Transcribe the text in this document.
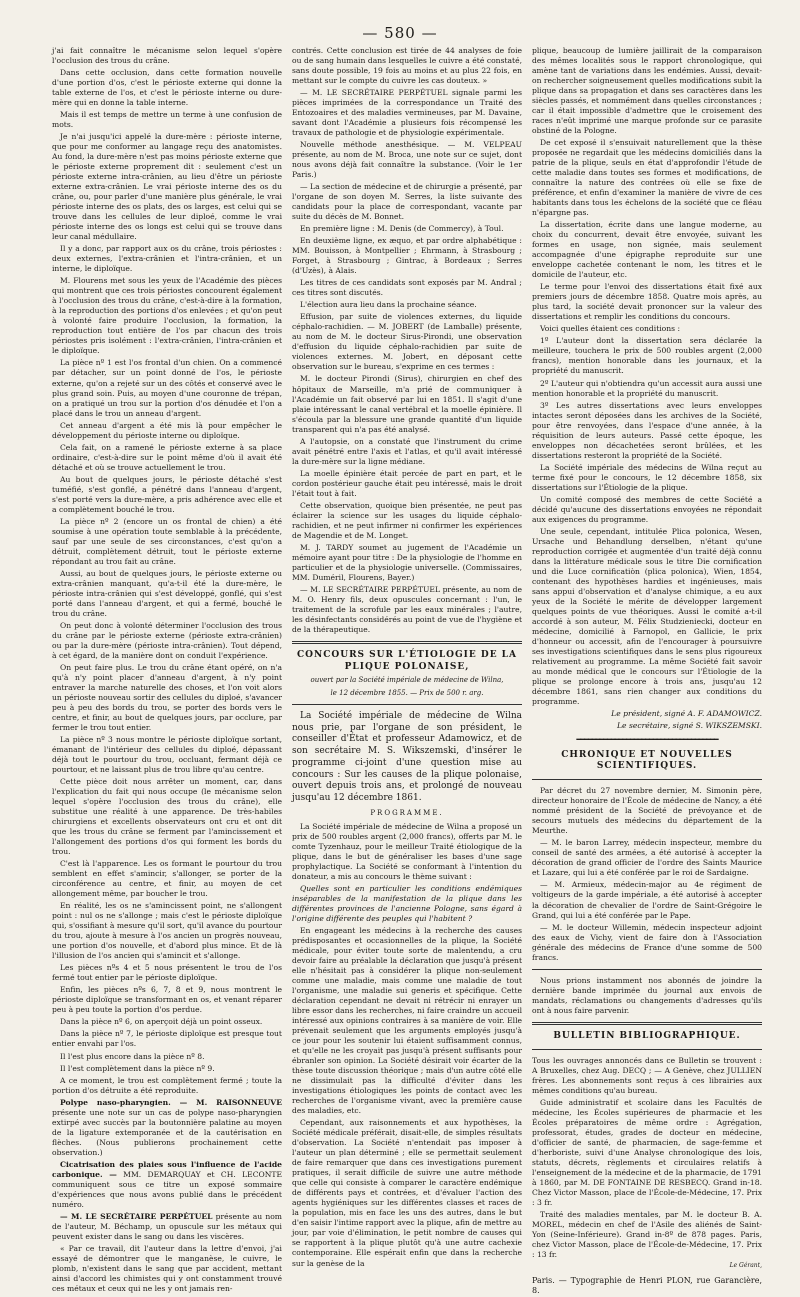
— 580 —

j'ai fait connaître le mécanisme selon lequel s'opère l'occlusion des trous du crâne.

Dans cette occlusion, dans cette formation nouvelle d'une portion d'os, c'est le périoste externe qui donne la table externe de l'os, et c'est le périoste interne ou dure-mère qui en donne la table interne.

Mais il est temps de mettre un terme à une confusion de mots.

Je n'ai jusqu'ici appelé la dure-mère : périoste interne, que pour me conformer au langage reçu des anatomistes. Au fond, la dure-mère n'est pas moins périoste externe que le périoste externe proprement dit : seulement c'est un périoste externe intra-crânien, au lieu d'être un périoste externe extra-crânien. Le vrai périoste interne des os du crâne, ou, pour parler d'une manière plus générale, le vrai périoste interne des os plats, des os larges, est celui qui se trouve dans les cellules de leur diploé, comme le vrai périoste interne des os longs est celui qui se trouve dans leur canal médullaire.

Il y a donc, par rapport aux os du crâne, trois périostes : deux externes, l'extra-crânien et l'intra-crânien, et un interne, le diploïque.

M. Flourens met sous les yeux de l'Académie des pièces qui montrent que ces trois périostes concourent également à l'occlusion des trous du crâne, c'est-à-dire à la formation, à la reproduction des portions d'os enlevées ; et qu'on peut à volonté faire produire l'occlusion, la formation, la reproduction tout entière de l'os par chacun des trois périostes pris isolément : l'extra-crânien, l'intra-crânien et le diploïque.

La pièce nº 1 est l'os frontal d'un chien. On a commencé par détacher, sur un point donné de l'os, le périoste externe, qu'on a rejeté sur un des côtés et conservé avec le plus grand soin. Puis, au moyen d'une couronne de trépan, on a pratiqué un trou sur la portion d'os dénudée et l'on a placé dans le trou un anneau d'argent.

Cet anneau d'argent a été mis là pour empêcher le développement du périoste interne ou diploïque.

Cela fait, on a ramené le périoste externe à sa place ordinaire, c'est-à-dire sur le point même d'où il avait été détaché et où se trouve actuellement le trou.

Au bout de quelques jours, le périoste détaché s'est tuméfié, s'est gonflé, a pénétré dans l'anneau d'argent, s'est porté vers la dure-mère, a pris adhérence avec elle et a complètement bouché le trou.

La pièce nº 2 (encore un os frontal de chien) a été soumise à une opération toute semblable à la précédente, sauf par une seule de ses circonstances, c'est qu'on a détruit, complètement détruit, tout le périoste externe répondant au trou fait au crâne.

Aussi, au bout de quelques jours, le périoste externe ou extra-crânien manquant, qu'a-t-il été la dure-mère, le périoste intra-crânien qui s'est développé, gonflé, qui s'est porté dans l'anneau d'argent, et qui a fermé, bouché le trou du crâne.

On peut donc à volonté déterminer l'occlusion des trous du crâne par le périoste externe (périoste extra-crânien) ou par la dure-mère (périoste intra-crânien). Tout dépend, à cet égard, de la manière dont on conduit l'expérience.

On peut faire plus. Le trou du crâne étant opéré, on n'a qu'à n'y point placer d'anneau d'argent, à n'y point entraver la marche naturelle des choses, et l'on voit alors un périoste nouveau sortir des cellules du diploé, s'avancer peu à peu des bords du trou, se porter des bords vers le centre, et finir, au bout de quelques jours, par occlure, par fermer le trou tout entier.

La pièce nº 3 nous montre le périoste diploïque sortant, émanant de l'intérieur des cellules du diploé, dépassant déjà tout le pourtour du trou, occluant, fermant déjà ce pourtour, et ne laissant plus de trou libre qu'au centre.

Cette pièce doit nous arrêter un moment, car, dans l'explication du fait qui nous occupe (le mécanisme selon lequel s'opère l'occlusion des trous du crâne), elle substitue une réalité à une apparence. De très-habiles chirurgiens et excellents observateurs ont cru et ont dit que les trous du crâne se ferment par l'amincissement et l'allongement des portions d'os qui forment les bords du trou.

C'est là l'apparence. Les os formant le pourtour du trou semblent en effet s'amincir, s'allonger, se porter de la circonférence au centre, et finir, au moyen de cet allongement même, par boucher le trou.

En réalité, les os ne s'amincissent point, ne s'allongent point : nul os ne s'allonge ; mais c'est le périoste diploïque qui, s'ossifiant à mesure qu'il sort, qu'il avance du pourtour du trou, ajoute à mesure à l'os ancien un progrès nouveau, une portion d'os nouvelle, et d'abord plus mince. Et de là l'illusion de l'os ancien qui s'amincit et s'allonge.

Les pièces nºs 4 et 5 nous présentent le trou de l'os fermé tout entier par le périoste diploïque.

Enfin, les pièces nºs 6, 7, 8 et 9, nous montrent le périoste diploïque se transformant en os, et venant réparer peu à peu toute la portion d'os perdue.

Dans la pièce nº 6, on aperçoit déjà un point osseux.

Dans la pièce nº 7, le périoste diploïque est presque tout entier envahi par l'os.

Il l'est plus encore dans la pièce nº 8.

Il l'est complètement dans la pièce nº 9.

A ce moment, le trou est complètement fermé ; toute la portion d'os détruite a été reproduite.

Polype naso-pharyngien. — M. RAISONNEUVE présente une note sur un cas de polype naso-pharyngien extirpé avec succès par la boutonnière palatine au moyen de la ligature extemporanée et de la cautérisation en flèches. (Nous publierons prochainement cette observation.)

Cicatrisation des plaies sous l'influence de l'acide carbonique. — MM. DEMARQUAY et CH. LECONTE communiquent sous ce titre un exposé sommaire d'expériences que nous avons publié dans le précédent numéro.

— M. LE SECRÉTAIRE PERPÉTUEL présente au nom de l'auteur, M. Béchamp, un opuscule sur les métaux qui peuvent exister dans le sang ou dans les viscères.

« Par ce travail, dit l'auteur dans la lettre d'envoi, j'ai essayé de démontrer que le manganèse, le cuivre, le plomb, n'existent dans le sang que par accident, mettant ainsi d'accord les chimistes qui y ont constamment trouvé ces métaux et ceux qui ne les y ont jamais ren-

contrés. Cette conclusion est tirée de 44 analyses de foie ou de sang humain dans lesquelles le cuivre a été constaté, sans doute possible, 19 fois au moins et au plus 22 fois, en mettant sur le compte du cuivre les cas douteux. »

— M. LE SECRÉTAIRE PERPÉTUEL signale parmi les pièces imprimées de la correspondance un Traité des Entozoaires et des maladies vermineuses, par M. Davaine, savant dont l'Académie a plusieurs fois récompensé les travaux de pathologie et de physiologie expérimentale.

Nouvelle méthode anesthésique. — M. VELPEAU présente, au nom de M. Broca, une note sur ce sujet, dont nous avons déjà fait connaître la substance. (Voir le 1er Paris.)

— La section de médecine et de chirurgie a présenté, par l'organe de son doyen M. Serres, la liste suivante des candidats pour la place de correspondant, vacante par suite du décès de M. Bonnet.

En première ligne : M. Denis (de Commercy), à Toul.

En deuxième ligne, ex æquo, et par ordre alphabétique : MM. Bouisson, à Montpellier ; Ehrmann, à Strasbourg ; Forget, à Strasbourg ; Gintrac, à Bordeaux ; Serres (d'Uzès), à Alais.

Les titres de ces candidats sont exposés par M. Andral ; ces titres sont discutés.

L'élection aura lieu dans la prochaine séance.

Effusion, par suite de violences externes, du liquide céphalo-rachidien. — M. JOBERT (de Lamballe) présente, au nom de M. le docteur Sirus-Pirondi, une observation d'effusion du liquide céphalo-rachidien par suite de violences externes. M. Jobert, en déposant cette observation sur le bureau, s'exprime en ces termes :

M. le docteur Pirondi (Sirus), chirurgien en chef des hôpitaux de Marseille, m'a prié de communiquer à l'Académie un fait observé par lui en 1851. Il s'agit d'une plaie intéressant le canal vertébral et la moelle épinière. Il s'écoula par la blessure une grande quantité d'un liquide transparent qui n'a pas été analysé.

A l'autopsie, on a constaté que l'instrument du crime avait pénétré entre l'axis et l'atlas, et qu'il avait intéressé la dure-mère sur la ligne médiane.

La moelle épinière était percée de part en part, et le cordon postérieur gauche était peu intéressé, mais le droit l'était tout à fait.

Cette observation, quoique bien présentée, ne peut pas éclairer la science sur les usages du liquide céphalo-rachidien, et ne peut infirmer ni confirmer les expériences de Magendie et de M. Longet.

M. J. TARDY soumet au jugement de l'Académie un mémoire ayant pour titre : De la physiologie de l'homme en particulier et de la physiologie universelle. (Commissaires, MM. Duméril, Flourens, Bayer.)

— M. LE SECRÉTAIRE PERPÉTUEL présente, au nom de M. O. Henry fils, deux opuscules concernant : l'un, le traitement de la scrofule par les eaux minérales ; l'autre, les désinfectants considérés au point de vue de l'hygiène et de la thérapeutique.

CONCOURS SUR L'ÉTIOLOGIE DE LA PLIQUE POLONAISE,
ouvert par la Société impériale de médecine de Wilna,
le 12 décembre 1855. — Prix de 500 r. arg.

La Société impériale de médecine de Wilna nous prie, par l'organe de son président, le conseiller d'État et professeur Adamowicz, et de son secrétaire M. S. Wikszemski, d'insérer le programme ci-joint d'une question mise au concours : Sur les causes de la plique polonaise, ouvert depuis trois ans, et prolongé de nouveau jusqu'au 12 décembre 1861.

PROGRAMME.

La Société impériale de médecine de Wilna a proposé un prix de 500 roubles argent (2,000 francs), offerts par M. le comte Tyzenhauz, pour le meilleur Traité étiologique de la plique, dans le but de généraliser les bases d'une sage prophylactique. La Société se conformant à l'intention du donateur, a mis au concours le thème suivant :

Quelles sont en particulier les conditions endémiques inséparables de la manifestation de la plique dans les différentes provinces de l'ancienne Pologne, sans égard à l'origine différente des peuples qui l'habitent ?

En engageant les médecins à la recherche des causes prédisposantes et occasionnelles de la plique, la Société médicale, pour éviter toute sorte de malentendu, a cru devoir faire au préalable la déclaration que jusqu'à présent elle n'hésitait pas à considérer la plique non-seulement comme une maladie, mais comme une maladie de tout l'organisme, une maladie sui generis et spécifique. Cette déclaration cependant ne devait ni rétrécir ni enrayer un libre essor dans les recherches, ni faire craindre un accueil intéressé aux opinions contraires à sa manière de voir. Elle prévenait seulement que les arguments employés jusqu'à ce jour pour les soutenir lui étaient suffisamment connus, et qu'elle ne les croyait pas jusqu'à présent suffisants pour ébranler son opinion. La Société désirait voir écarter de la thèse toute discussion théorique ; mais d'un autre côté elle ne dissimulait pas la difficulté d'éviter dans les investigations étiologiques les points de contact avec les recherches de l'organisme vivant, avec la première cause des maladies, etc.

Cependant, aux raisonnements et aux hypothèses, la Société médicale préférait, disait-elle, de simples résultats d'observation. La Société n'entendait pas imposer à l'auteur un plan déterminé ; elle se permettait seulement de faire remarquer que dans ces investigations purement pratiques, il serait difficile de suivre une autre méthode que celle qui consiste à comparer le caractère endémique de différents pays et contrées, et d'évaluer l'action des agents hygiéniques sur les différentes classes et races de la population, mis en face les uns des autres, dans le but d'en saisir l'intime rapport avec la plique, afin de mettre au jour, par voie d'élimination, le petit nombre de causes qui se rapportent à la plique plutôt qu'à une autre cachexie contemporaine. Elle espérait enfin que dans la recherche sur la genèse de la

plique, beaucoup de lumière jaillirait de la comparaison des mêmes localités sous le rapport chronologique, qui amène tant de variations dans les endémies. Aussi, devait-on rechercher soigneusement quelles modifications subit la plique dans sa propagation et dans ses caractères dans les siècles passés, et nommément dans quelles circonstances ; car il était impossible d'admettre que le croisement des races n'eût imprimé une marque profonde sur ce parasite obstiné de la Pologne.

De cet exposé il s'ensuivait naturellement que la thèse proposée ne regardait que les médecins domiciliés dans la patrie de la plique, seuls en état d'approfondir l'étude de cette maladie dans toutes ses formes et modifications, de connaître la nature des contrées où elle se fixe de préférence, et enfin d'examiner la manière de vivre de ces habitants dans tous les échelons de la société que ce fléau n'épargne pas.

La dissertation, écrite dans une langue moderne, au choix du concurrent, devait être envoyée, suivant les formes en usage, non signée, mais seulement accompagnée d'une épigraphe reproduite sur une enveloppe cachetée contenant le nom, les titres et le domicile de l'auteur, etc.

Le terme pour l'envoi des dissertations était fixé aux premiers jours de décembre 1858. Quatre mois après, au plus tard, la société devait prononcer sur la valeur des dissertations et remplir les conditions du concours.

Voici quelles étaient ces conditions :

1º L'auteur dont la dissertation sera déclarée la meilleure, touchera le prix de 500 roubles argent (2,000 francs), mention honorable dans les journaux, et la propriété du manuscrit.

2º L'auteur qui n'obtiendra qu'un accessit aura aussi une mention honorable et la propriété du manuscrit.

3º Les autres dissertations avec leurs enveloppes intactes seront déposées dans les archives de la Société, pour être renvoyées, dans l'espace d'une année, à la réquisition de leurs auteurs. Passé cette époque, les enveloppes non décachetées seront brûlées, et les dissertations resteront la propriété de la Société.

La Société impériale des médecins de Wilna reçut au terme fixé pour le concours, le 12 décembre 1858, six dissertations sur l'Étiologie de la plique.

Un comité composé des membres de cette Société a décidé qu'aucune des dissertations envoyées ne répondait aux exigences du programme.

Une seule, cependant, intitulée Plica polonica, Wesen, Ursache und Behandlung derselben, n'étant qu'une reproduction corrigée et augmentée d'un traité déjà connu dans la littérature médicale sous le titre Die cornification und die Luce cornificatiòn (plica polonica), Wien, 1854, contenant des hypothèses hardies et ingénieuses, mais sans appui d'observation et d'analyse chimique, a eu aux yeux de la Société le mérite de développer largement quelques points de vue théoriques. Aussi le comité a-t-il accordé à son auteur, M. Félix Studzieniecki, docteur en médecine, domicilié à Farnopol, en Gallicie, le prix d'honneur ou accessit, afin de l'encourager à poursuivre ses investigations scientifiques dans le sens plus rigoureux relativement au programme. La même Société fait savoir au monde médical que le concours sur l'Étiologie de la plique se prolonge encore à trois ans, jusqu'au 12 décembre 1861, sans rien changer aux conditions du programme.

Le président, signé A. F. ADAMOWICZ.

Le secrétaire, signé S. WIKSZEMSKI.

━━━━━━━━━━━━━━━━━━━━━━━━━━━━━━━━━━━━━
CHRONIQUE ET NOUVELLES SCIENTIFIQUES.

Par décret du 27 novembre dernier, M. Simonin père, directeur honoraire de l'École de médecine de Nancy, a été nommé président de la Société de prévoyance et de secours mutuels des médecins du département de la Meurthe.

— M. le baron Larrey, médecin inspecteur, membre du conseil de santé des armées, a été autorisé à accepter la décoration de grand officier de l'ordre des Saints Maurice et Lazare, qui lui a été conférée par le roi de Sardaigne.

— M. Armieux, médecin-major au 4e régiment de voltigeurs de la garde impériale, a été autorisé à accepter la décoration de chevalier de l'ordre de Saint-Grégoire le Grand, qui lui a été conférée par le Pape.

— M. le docteur Willemin, médecin inspecteur adjoint des eaux de Vichy, vient de faire don à l'Association générale des médecins de France d'une somme de 500 francs.

Nous prions instamment nos abonnés de joindre la dernière bande imprimée du journal aux envois de mandats, réclamations ou changements d'adresses qu'ils ont à nous faire parvenir.

BULLETIN BIBLIOGRAPHIQUE.

Tous les ouvrages annoncés dans ce Bulletin se trouvent : A Bruxelles, chez Aug. DECQ ; — A Genève, chez JULLIEN frères. Les abonnements sont reçus à ces librairies aux mêmes conditions qu'au bureau.

Guide administratif et scolaire dans les Facultés de médecine, les Écoles supérieures de pharmacie et les Écoles préparatoires de même ordre : Agrégation, professorat, études, grades de docteur en médecine, d'officier de santé, de pharmacien, de sage-femme et d'herboriste, suivi d'une Analyse chronologique des lois, statuts, décrets, règlements et circulaires relatifs à l'enseignement de la médecine et de la pharmacie, de 1791 à 1860, par M. DE FONTAINE DE RESBECQ. Grand in-18. Chez Victor Masson, place de l'École-de-Médecine, 17. Prix : 3 fr.

Traité des maladies mentales, par M. le docteur B. A. MOREL, médecin en chef de l'Asile des aliénés de Saint-Yon (Seine-Inférieure). Grand in-8º de 878 pages. Paris, chez Victor Masson, place de l'École-de-Médecine, 17. Prix : 13 fr.

Le Gérant,
Paris. — Typographie de Henri PLON, rue Garancière, 8.
